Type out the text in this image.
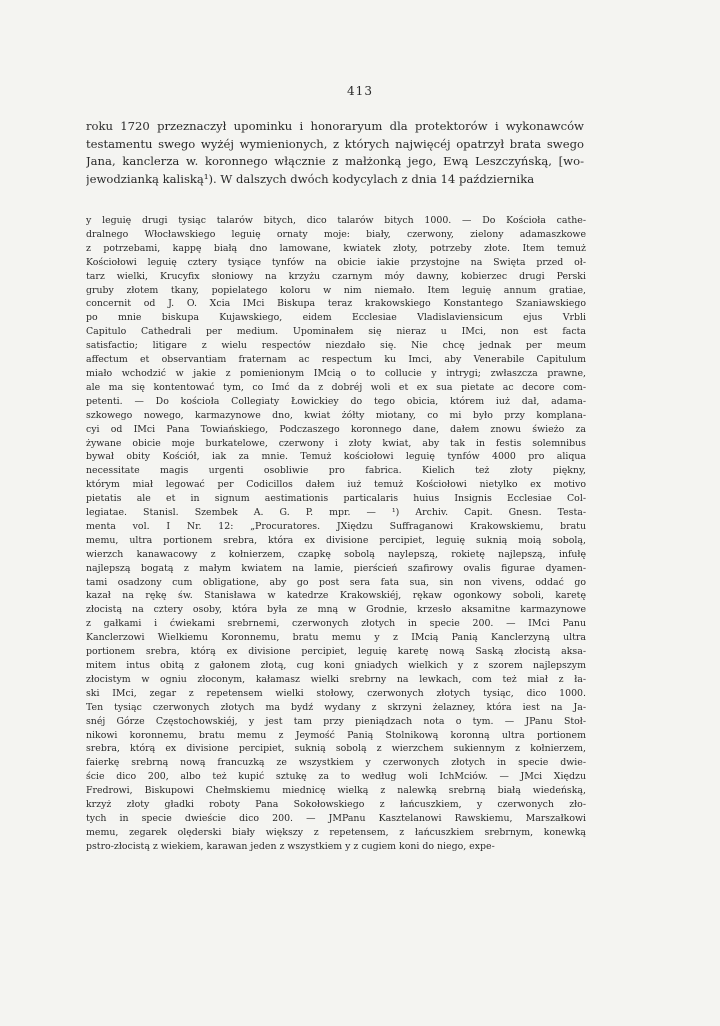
413
roku 1720 przeznaczył upominku i honoraryum dla protektorów i wykonawców
testamentu swego wyżéj wymienionych, z których najwięcéj opatrzył brata swego
Jana, kanclerza w. koronnego włącznie z małżonką jego, Ewą Leszczyńską, [wo-
jewodzianką kaliską¹). W dalszych dwóch kodycylach z dnia 14 października
y leguię drugi tysiąc talarów bitych, dico talarów bitych 1000. — Do Kościoła cathe-
dralnego Włocławskiego leguię ornaty moje: biały, czerwony, zielony adamaszkowe
z potrzebami, kappę białą dno lamowane, kwiatek złoty, potrzeby złote. Item temuż
Kościołowi leguię cztery tysiące tynfów na obicie iakie przystojne na Swięta przed oł-
tarz wielki, Krucyfix słoniowy na krzyżu czarnym móy dawny, kobierzec drugi Perski
gruby złotem tkany, popielatego koloru w nim niemało. Item leguię annum gratiae,
concernit od J. O. Xcia IMci Biskupa teraz krakowskiego Konstantego Szaniawskiego
po mnie biskupa Kujawskiego, eidem Ecclesiae Vladislaviensicum ejus Vrbli
Capitulo Cathedrali per medium. Upominałem się nieraz u IMci, non est facta
satisfactio; litigare z wielu respectów niezdało się. Nie chcę jednak per meum
affectum et observantiam fraternam ac respectum ku Imci, aby Venerabile Capitulum
miało wchodzić w jakie z pomienionym IMcią o to collucie y intrygi; zwłaszcza prawne,
ale ma się kontentować tym, co Imć da z dobréj woli et ex sua pietate ac decore com-
petenti. — Do kościoła Collegiaty Łowickiey do tego obicia, którem iuż dał, adama-
szkowego nowego, karmazynowe dno, kwiat żółty miotany, co mi było przy komplana-
cyi od IMci Pana Towiańskiego, Podczaszego koronnego dane, dałem znowu świeżo za
żywane obicie moje burkatelowe, czerwony i złoty kwiat, aby tak in festis solemnibus
bywał obity Kościół, iak za mnie. Temuż kościołowi leguię tynfów 4000 pro aliqua
necessitate magis urgenti osobliwie pro fabrica. Kielich też złoty piękny,
którym miał legować per Codicillos dałem iuż temuż Kościołowi nietylko ex motivo
pietatis ale et in signum aestimationis particalaris huius Insignis Ecclesiae Col-
legiatae. Stanisl. Szembek A. G. P. mpr. — ¹) Archiv. Capit. Gnesn. Testa-
menta vol. I Nr. 12: „Procuratores. JXiędzu Suffraganowi Krakowskiemu, bratu
memu, ultra portionem srebra, która ex divisione percipiet, leguię suknią moią sobolą,
wierzch kanawacowy z kołnierzem, czapkę sobolą naylepszą, rokietę najlepszą, infułę
najlepszą bogatą z małym kwiatem na lamie, pierścień szafirowy ovalis figurae dyamen-
tami osadzony cum obligatione, aby go post sera fata sua, sin non vivens, oddać go
kazał na rękę św. Stanisława w katedrze Krakowskiéj, rękaw ogonkowy soboli, karetę
złocistą na cztery osoby, która była ze mną w Grodnie, krzesło aksamitne karmazynowe
z gałkami i ćwiekami srebrnemi, czerwonych złotych in specie 200. — IMci Panu
Kanclerzowi Wielkiemu Koronnemu, bratu memu y z IMcią Panią Kanclerzyną ultra
portionem srebra, którą ex divisione percipiet, leguię karetę nową Saską złocistą aksa-
mitem intus obitą z gałonem złotą, cug koni gniadych wielkich y z szorem najlepszym
złocistym w ogniu złoconym, kałamasz wielki srebrny na lewkach, com też miał z ła-
ski IMci, zegar z repetensem wielki stołowy, czerwonych złotych tysiąc, dico 1000.
Ten tysiąc czerwonych złotych ma bydź wydany z skrzyni żelazney, która iest na Ja-
snéj Górze Częstochowskiéj, y jest tam przy pieniądzach nota o tym. — JPanu Stoł-
nikowi koronnemu, bratu memu z Jeymość Panią Stolnikową koronną ultra portionem
srebra, którą ex divisione percipiet, suknią sobolą z wierzchem sukiennym z kołnierzem,
faierkę srebrną nową francuzką ze wszystkiem y czerwonych złotych in specie dwie-
ście dico 200, albo też kupić sztukę za to według woli IchMciów. — JMci Xiędzu
Fredrowi, Biskupowi Chełmskiemu miednicę wielką z nalewką srebrną białą wiedeńską,
krzyż złoty gładki roboty Pana Sokołowskiego z łańcuszkiem, y czerwonych zło-
tych in specie dwieście dico 200. — JMPanu Kasztelanowi Rawskiemu, Marszałkowi
memu, zegarek olęderski biały większy z repetensem, z łańcuszkiem srebrnym, konewką
pstro-złocistą z wiekiem, karawan jeden z wszystkiem y z cugiem koni do niego, expe-
